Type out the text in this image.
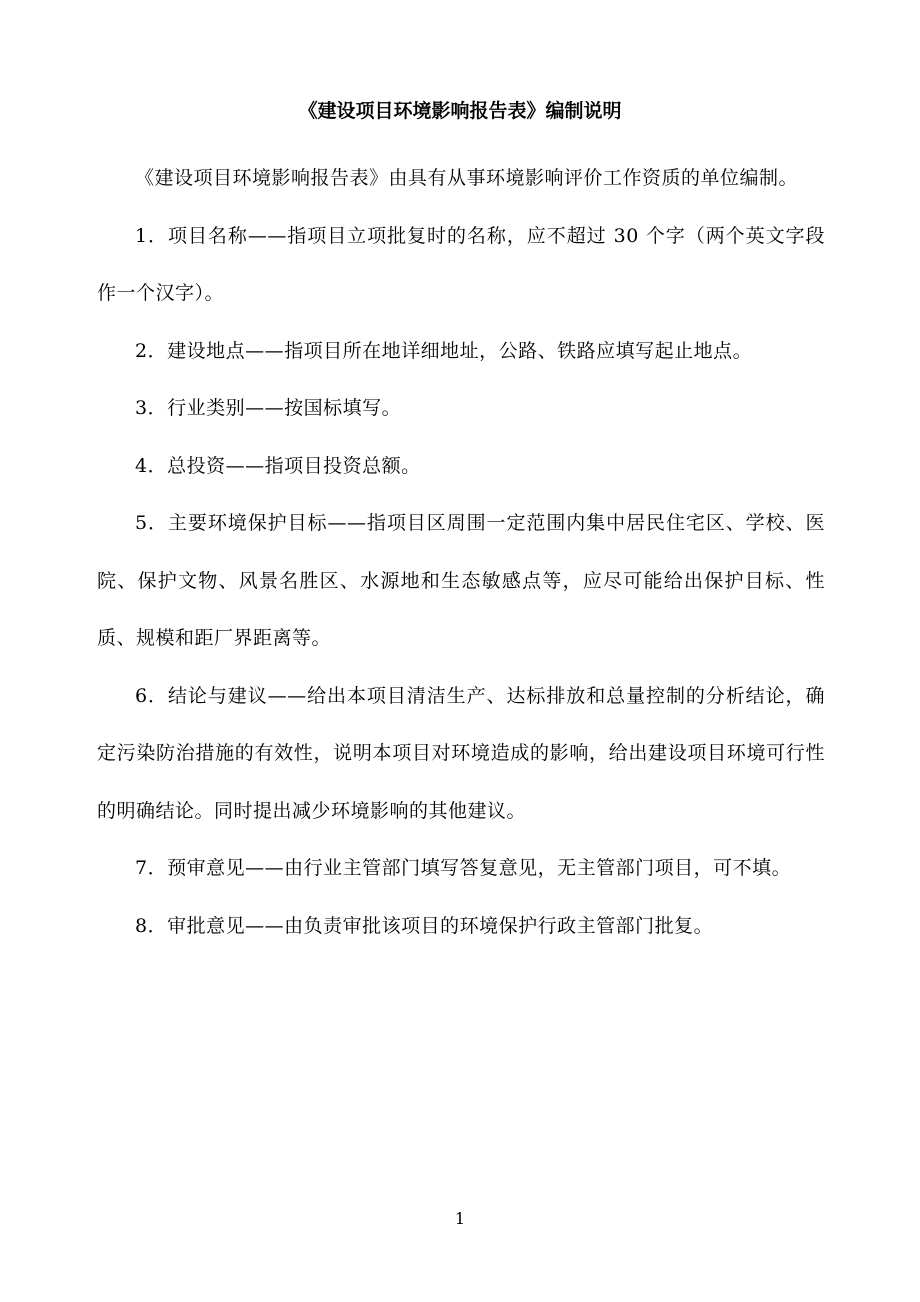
《建设项目环境影响报告表》编制说明

《建设项目环境影响报告表》由具有从事环境影响评价工作资质的单位编制。

1．项目名称——指项目立项批复时的名称，应不超过 30 个字（两个英文字段作一个汉字）。

2．建设地点——指项目所在地详细地址，公路、铁路应填写起止地点。

3．行业类别——按国标填写。

4．总投资——指项目投资总额。

5．主要环境保护目标——指项目区周围一定范围内集中居民住宅区、学校、医院、保护文物、风景名胜区、水源地和生态敏感点等，应尽可能给出保护目标、性质、规模和距厂界距离等。

6．结论与建议——给出本项目清洁生产、达标排放和总量控制的分析结论，确定污染防治措施的有效性，说明本项目对环境造成的影响，给出建设项目环境可行性的明确结论。同时提出减少环境影响的其他建议。

7．预审意见——由行业主管部门填写答复意见，无主管部门项目，可不填。

8．审批意见——由负责审批该项目的环境保护行政主管部门批复。

1
